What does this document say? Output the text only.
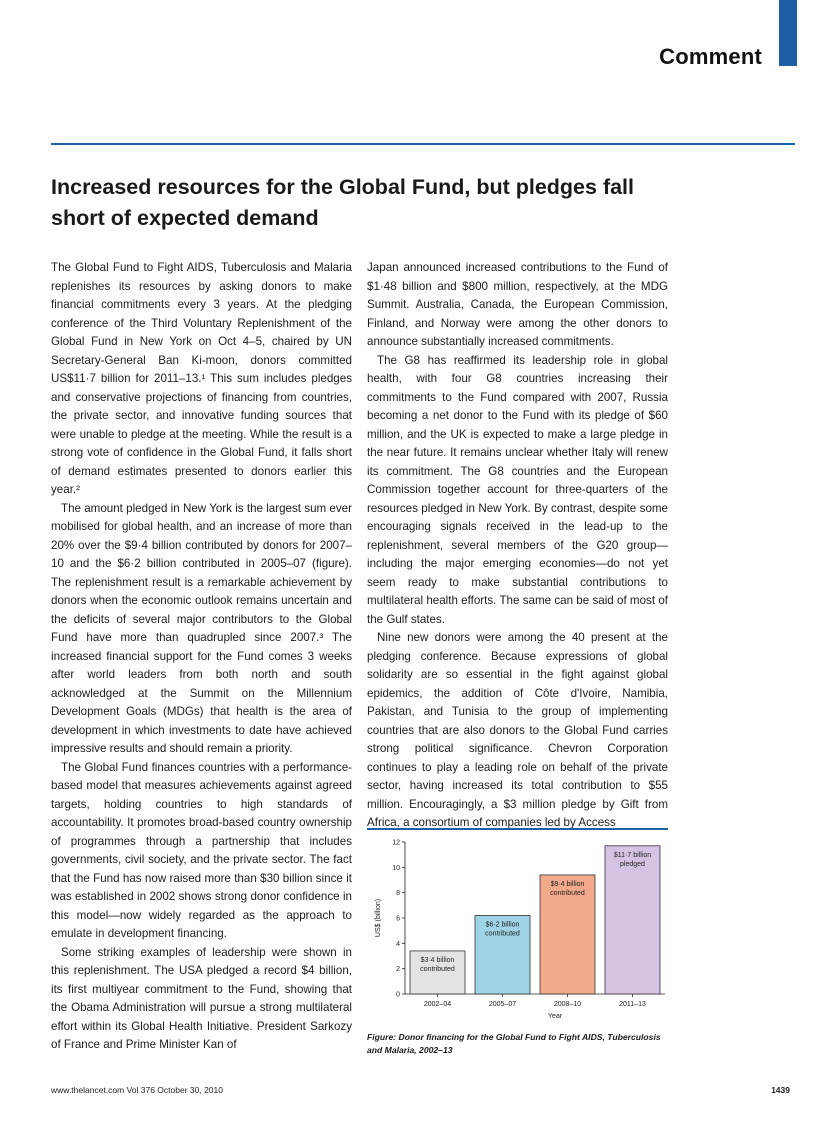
Comment
Increased resources for the Global Fund, but pledges fall short of expected demand

The Global Fund to Fight AIDS, Tuberculosis and Malaria replenishes its resources by asking donors to make financial commitments every 3 years. At the pledging conference of the Third Voluntary Replenishment of the Global Fund in New York on Oct 4–5, chaired by UN Secretary-General Ban Ki-moon, donors committed US$11·7 billion for 2011–13.¹ This sum includes pledges and conservative projections of financing from countries, the private sector, and innovative funding sources that were unable to pledge at the meeting. While the result is a strong vote of confidence in the Global Fund, it falls short of demand estimates presented to donors earlier this year.²

The amount pledged in New York is the largest sum ever mobilised for global health, and an increase of more than 20% over the $9·4 billion contributed by donors for 2007–10 and the $6·2 billion contributed in 2005–07 (figure). The replenishment result is a remarkable achievement by donors when the economic outlook remains uncertain and the deficits of several major contributors to the Global Fund have more than quadrupled since 2007.³ The increased financial support for the Fund comes 3 weeks after world leaders from both north and south acknowledged at the Summit on the Millennium Development Goals (MDGs) that health is the area of development in which investments to date have achieved impressive results and should remain a priority.

The Global Fund finances countries with a performance-based model that measures achievements against agreed targets, holding countries to high standards of accountability. It promotes broad-based country ownership of programmes through a partnership that includes governments, civil society, and the private sector. The fact that the Fund has now raised more than $30 billion since it was established in 2002 shows strong donor confidence in this model—now widely regarded as the approach to emulate in development financing.

Some striking examples of leadership were shown in this replenishment. The USA pledged a record $4 billion, its first multiyear commitment to the Fund, showing that the Obama Administration will pursue a strong multilateral effort within its Global Health Initiative. President Sarkozy of France and Prime Minister Kan of

Japan announced increased contributions to the Fund of $1·48 billion and $800 million, respectively, at the MDG Summit. Australia, Canada, the European Commission, Finland, and Norway were among the other donors to announce substantially increased commitments.

The G8 has reaffirmed its leadership role in global health, with four G8 countries increasing their commitments to the Fund compared with 2007, Russia becoming a net donor to the Fund with its pledge of $60 million, and the UK is expected to make a large pledge in the near future. It remains unclear whether Italy will renew its commitment. The G8 countries and the European Commission together account for three-quarters of the resources pledged in New York. By contrast, despite some encouraging signals received in the lead-up to the replenishment, several members of the G20 group—including the major emerging economies—do not yet seem ready to make substantial contributions to multilateral health efforts. The same can be said of most of the Gulf states.

Nine new donors were among the 40 present at the pledging conference. Because expressions of global solidarity are so essential in the fight against global epidemics, the addition of Côte d'Ivoire, Namibia, Pakistan, and Tunisia to the group of implementing countries that are also donors to the Global Fund carries strong political significance. Chevron Corporation continues to play a leading role on behalf of the private sector, having increased its total contribution to $55 million. Encouragingly, a $3 million pledge by Gift from Africa, a consortium of companies led by Access

0
2
4
6
8
10
12
US$ (billion)
$3·4 billion
contributed
2002–04
$6·2 billion
contributed
2005–07
$9·4 billion
contributed
2008–10
$11·7 billion
pledged
2011–13
Year
Figure: Donor financing for the Global Fund to Fight AIDS, Tuberculosis and Malaria, 2002–13
www.thelancet.com Vol 376 October 30, 2010	1439
